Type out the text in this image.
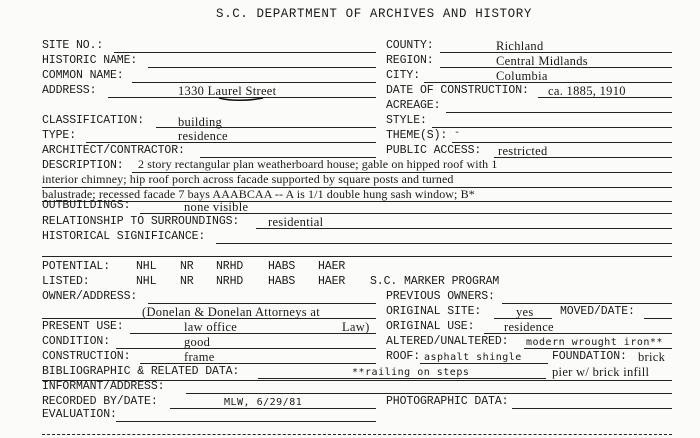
S.C. DEPARTMENT OF ARCHIVES AND HISTORY
SITE NO.:	COUNTY:	Richland
HISTORIC NAME:	REGION:	Central Midlands
COMMON NAME:	CITY:	Columbia
ADDRESS:	1330 Laurel Street	DATE OF CONSTRUCTION: ca. 1885, 1910
ACREAGE:
CLASSIFICATION:	building	STYLE:
TYPE:	residence	THEME(S): -
ARCHITECT/CONTRACTOR:	PUBLIC ACCESS: restricted
DESCRIPTION: 2 story rectangular plan weatherboard house; gable on hipped roof with 1
interior chimney; hip roof porch across facade supported by square posts and turned
balustrade; recessed facade 7 bays AAABCAA -- A is 1/1 double hung sash window; B*
OUTBUILDINGS:	none visible
RELATIONSHIP TO SURROUNDINGS: residential
HISTORICAL SIGNIFICANCE:
POTENTIAL: NHL NR NRHD HABS HAER
LISTED:	NHL NR NRHD HABS HAER S.C. MARKER PROGRAM
OWNER/ADDRESS:	PREVIOUS OWNERS:
(Donelan & Donelan Attorneys at
Law)
ORIGINAL SITE:	yes MOVED/DATE:
PRESENT USE:	law office	ORIGINAL USE: residence
CONDITION:	good	ALTERED/UNALTERED: modern wrought iron**
CONSTRUCTION:	frame	ROOF: asphalt shingle	FOUNDATION: brick
BIBLIOGRAPHIC & RELATED DATA:	**railing on steps	pier w/ brick infill
INFORMANT/ADDRESS:
RECORDED BY/DATE:	MLW, 6/29/81	PHOTOGRAPHIC DATA:
EVALUATION:
